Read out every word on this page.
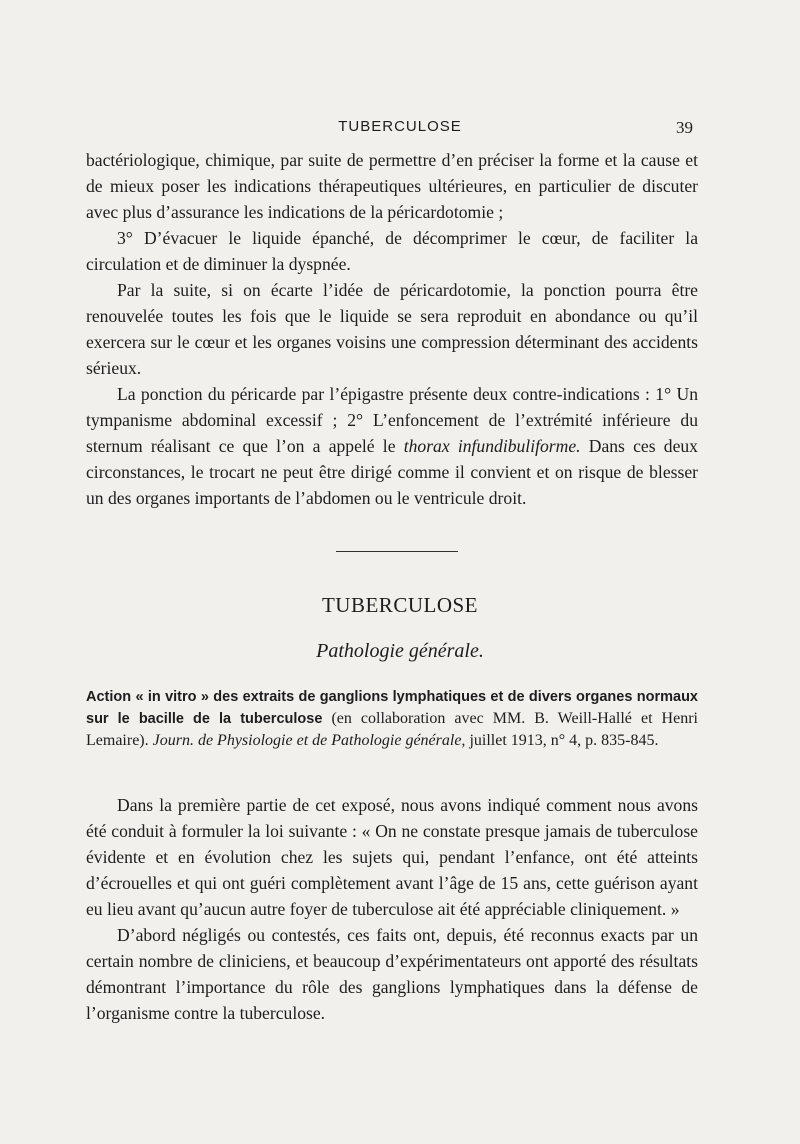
TUBERCULOSE	39

bactériologique, chimique, par suite de permettre d’en préciser la forme et la cause et de mieux poser les indications thérapeutiques ultérieures, en particulier de discuter avec plus d’assurance les indications de la péricardotomie ;

3° D’évacuer le liquide épanché, de décomprimer le cœur, de faciliter la circulation et de diminuer la dyspnée.

Par la suite, si on écarte l’idée de péricardotomie, la ponction pourra être renouvelée toutes les fois que le liquide se sera reproduit en abondance ou qu’il exercera sur le cœur et les organes voisins une compression déterminant des accidents sérieux.

La ponction du péricarde par l’épigastre présente deux contre-indications : 1° Un tympanisme abdominal excessif ; 2° L’enfoncement de l’extrémité inférieure du sternum réalisant ce que l’on a appelé le thorax infundibuliforme. Dans ces deux circonstances, le trocart ne peut être dirigé comme il convient et on risque de blesser un des organes importants de l’abdomen ou le ventricule droit.

TUBERCULOSE
Pathologie générale.
Action « in vitro » des extraits de ganglions lymphatiques et de divers organes normaux sur le bacille de la tuberculose (en collaboration avec MM. B. Weill-Hallé et Henri Lemaire). Journ. de Physiologie et de Pathologie générale, juillet 1913, n° 4, p. 835-845.

Dans la première partie de cet exposé, nous avons indiqué comment nous avons été conduit à formuler la loi suivante : « On ne constate presque jamais de tuberculose évidente et en évolution chez les sujets qui, pendant l’enfance, ont été atteints d’écrouelles et qui ont guéri complètement avant l’âge de 15 ans, cette guérison ayant eu lieu avant qu’aucun autre foyer de tuberculose ait été appréciable cliniquement. »

D’abord négligés ou contestés, ces faits ont, depuis, été reconnus exacts par un certain nombre de cliniciens, et beaucoup d’expérimentateurs ont apporté des résultats démontrant l’importance du rôle des ganglions lymphatiques dans la défense de l’organisme contre la tuberculose.
